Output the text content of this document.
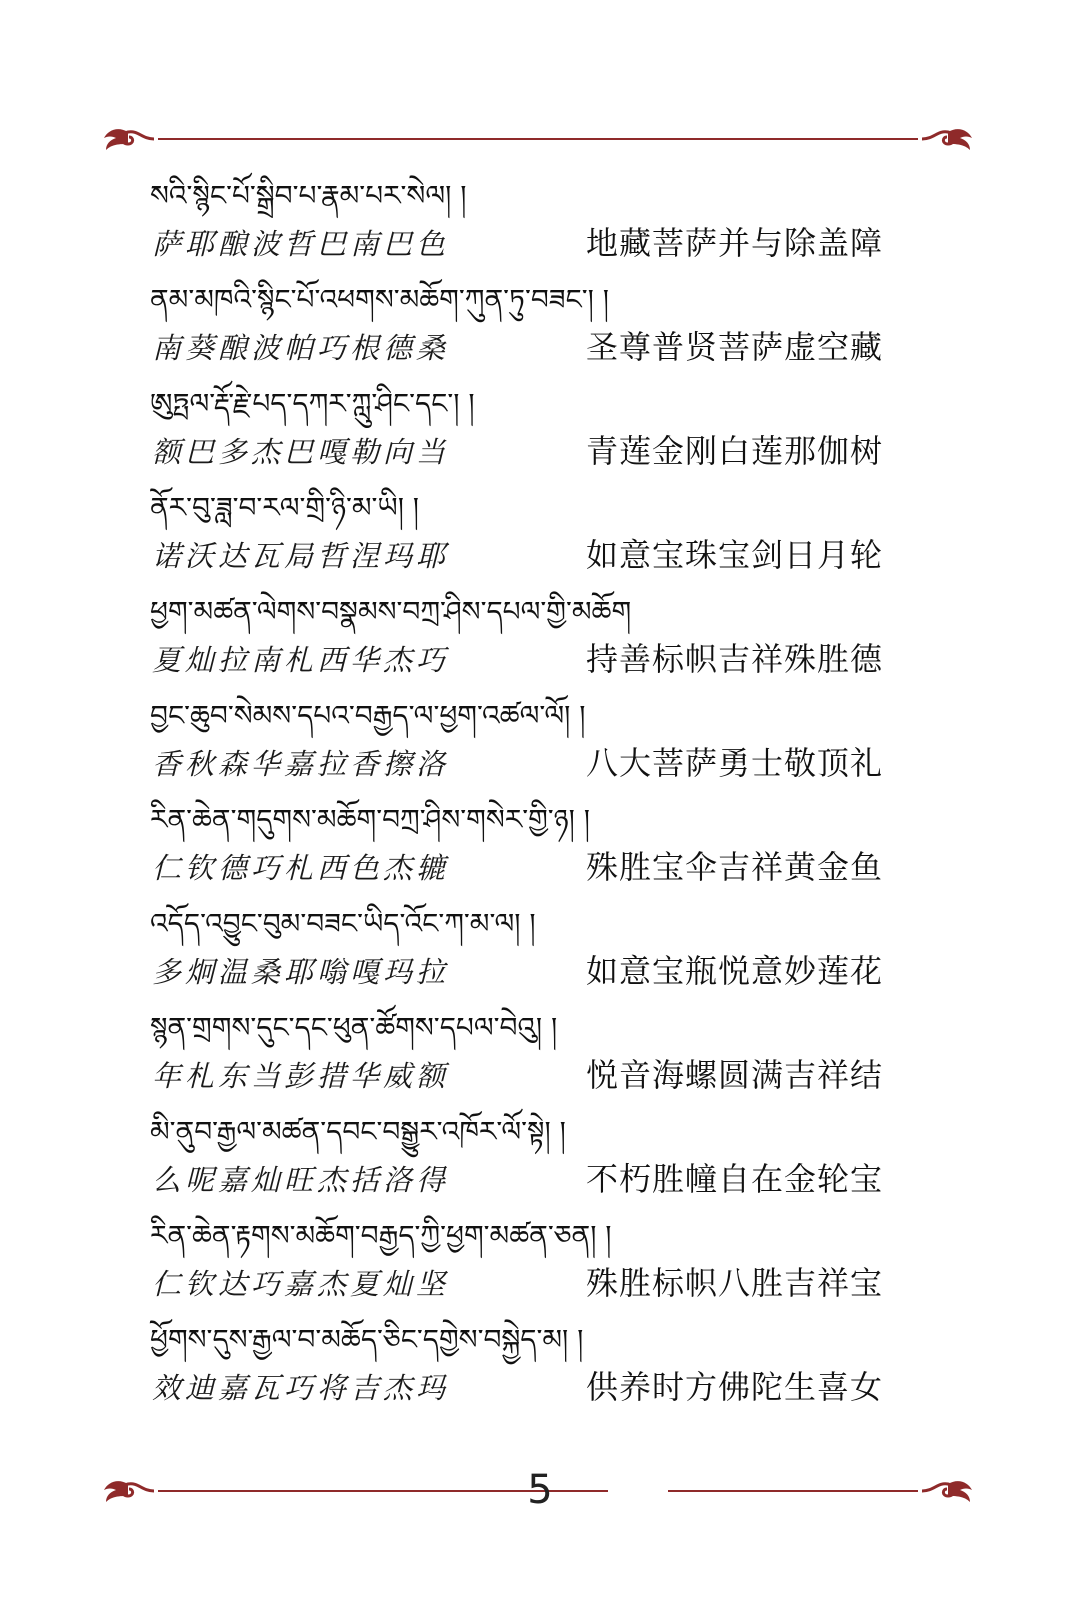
སའི་སྙིང་པོ་སྒྲིབ་པ་རྣམ་པར་སེལ། །
萨耶酿波哲巴南巴色	地藏菩萨并与除盖障
ནམ་མཁའི་སྙིང་པོ་འཕགས་མཆོག་ཀུན་ཏུ་བཟང་། །
南葵酿波帕巧根德桑	圣尊普贤菩萨虚空藏
ཨུཏྤལ་རྡོ་རྗེ་པད་དཀར་ཀླུ་ཤིང་དང་། །
额巴多杰巴嘎勒向当	青莲金刚白莲那伽树
ནོར་བུ་ཟླ་བ་རལ་གྲི་ཉི་མ་ཡི། །
诺沃达瓦局哲涅玛耶	如意宝珠宝剑日月轮
ཕྱག་མཚན་ལེགས་བསྣམས་བཀྲ་ཤིས་དཔལ་གྱི་མཆོག
夏灿拉南札西华杰巧	持善标帜吉祥殊胜德
བྱང་ཆུབ་སེམས་དཔའ་བརྒྱད་ལ་ཕྱག་འཚལ་ལོ། །
香秋森华嘉拉香擦洛	八大菩萨勇士敬顶礼
རིན་ཆེན་གདུགས་མཆོག་བཀྲ་ཤིས་གསེར་གྱི་ཉ། །
仁钦德巧札西色杰辘	殊胜宝伞吉祥黄金鱼
འདོད་འབྱུང་བུམ་བཟང་ཡིད་འོང་ཀ་མ་ལ། །
多炯温桑耶嗡嘎玛拉	如意宝瓶悦意妙莲花
སྙན་གྲགས་དུང་དང་ཕུན་ཚོགས་དཔལ་བེའུ། །
年札东当彭措华威额	悦音海螺圆满吉祥结
མི་ནུབ་རྒྱལ་མཚན་དབང་བསྒྱུར་འཁོར་ལོ་སྟེ། །
么呢嘉灿旺杰括洛得	不朽胜幢自在金轮宝
རིན་ཆེན་རྟགས་མཆོག་བརྒྱད་ཀྱི་ཕྱག་མཚན་ཅན། །
仁钦达巧嘉杰夏灿坚	殊胜标帜八胜吉祥宝
ཕྱོགས་དུས་རྒྱལ་བ་མཆོད་ཅིང་དགྱེས་བསྐྱེད་མ། །
效迪嘉瓦巧将吉杰玛	供养时方佛陀生喜女
5
